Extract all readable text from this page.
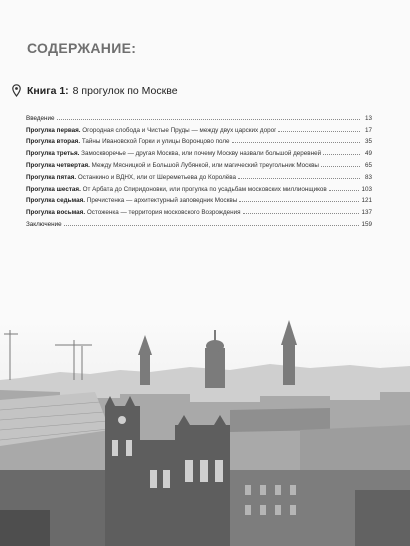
СОДЕРЖАНИЕ:
Книга 1: 8 прогулок по Москве
Введение	13
Прогулка первая. Огородная слобода и Чистые Пруды — между двух царских дорог	17
Прогулка вторая. Тайны Ивановской Горки и улицы Воронцово поле	35
Прогулка третья. Замоскворечье — другая Москва, или почему Москву назвали большой деревней	49
Прогулка четвертая. Между Мясницкой и Большой Лубянкой, или магический треугольник Москвы	65
Прогулка пятая. Останкино и ВДНХ, или от Шереметьева до Королёва	83
Прогулка шестая. От Арбата до Спиридоновки, или прогулка по усадьбам московских миллионщиков	103
Прогулка седьмая. Пречистенка — архитектурный заповедник Москвы	121
Прогулка восьмая. Остоженка — территория московского Возрождения	137
Заключение	159
